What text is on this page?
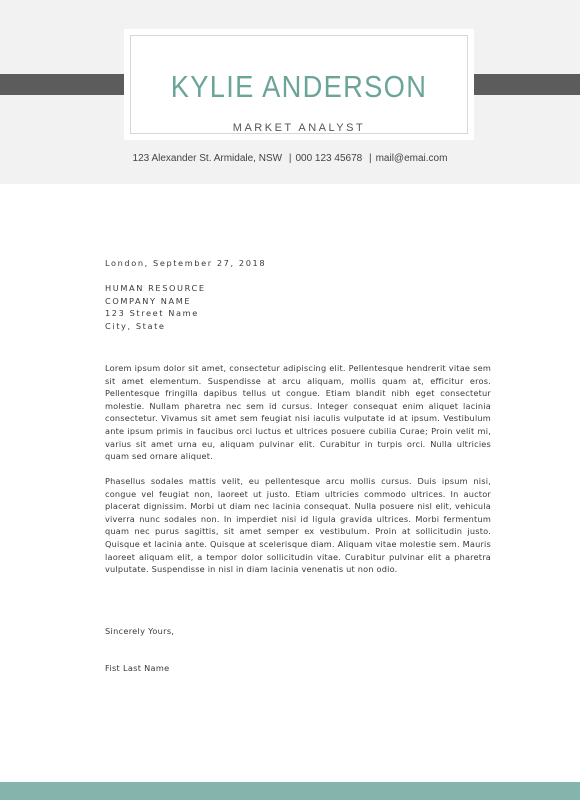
KYLIE ANDERSON
MARKET ANALYST
123 Alexander St. Armidale, NSW | 000 123 45678 | mail@emai.com
London, September 27, 2018
HUMAN RESOURCE
COMPANY NAME
123 Street Name
City, State
Lorem ipsum dolor sit amet, consectetur adipiscing elit. Pellentesque hendrerit vitae sem sit amet elementum. Suspendisse at arcu aliquam, mollis quam at, efficitur eros. Pellentesque fringilla dapibus tellus ut congue. Etiam blandit nibh eget consectetur molestie. Nullam pharetra nec sem id cursus. Integer consequat enim aliquet lacinia consectetur. Vivamus sit amet sem feugiat nisi iaculis vulputate id at ipsum. Vestibulum ante ipsum primis in faucibus orci luctus et ultrices posuere cubilia Curae; Proin velit mi, varius sit amet urna eu, aliquam pulvinar elit. Curabitur in turpis orci. Nulla ultricies quam sed ornare aliquet.
Phasellus sodales mattis velit, eu pellentesque arcu mollis cursus. Duis ipsum nisi, congue vel feugiat non, laoreet ut justo. Etiam ultricies commodo ultrices. In auctor placerat dignissim. Morbi ut diam nec lacinia consequat. Nulla posuere nisl elit, vehicula viverra nunc sodales non. In imperdiet nisi id ligula gravida ultrices. Morbi fermentum quam nec purus sagittis, sit amet semper ex vestibulum. Proin at sollicitudin justo. Quisque et lacinia ante. Quisque at scelerisque diam. Aliquam vitae molestie sem. Mauris laoreet aliquam elit, a tempor dolor sollicitudin vitae. Curabitur pulvinar elit a pharetra vulputate. Suspendisse in nisl in diam lacinia venenatis ut non odio.
Sincerely Yours,
Fist Last Name
